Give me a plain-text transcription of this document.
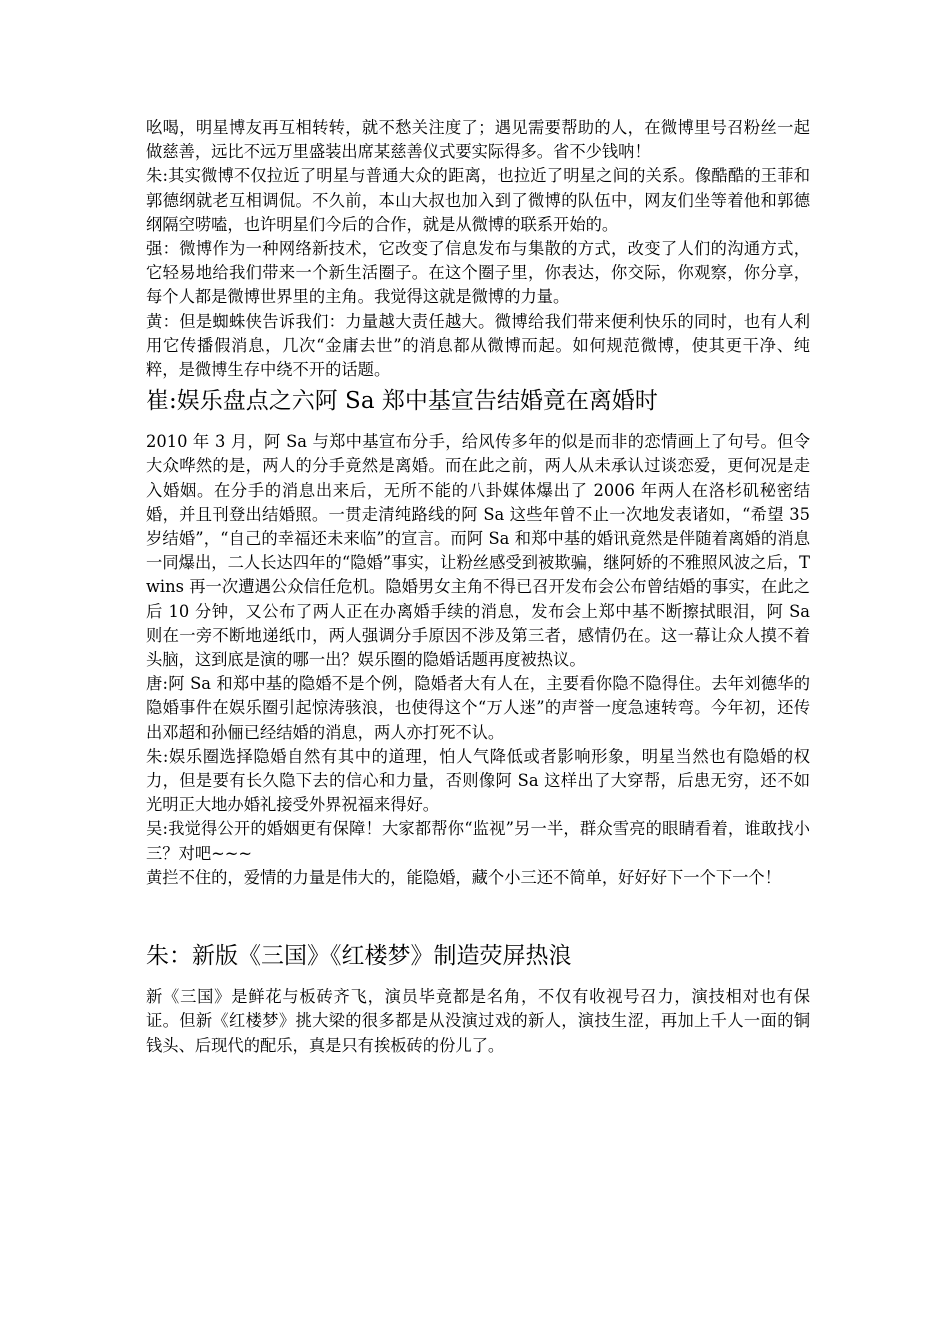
吆喝，明星博友再互相转转，就不愁关注度了；遇见需要帮助的人，在微博里号召粉丝一起做慈善，远比不远万里盛装出席某慈善仪式要实际得多。省不少钱呐！

朱:其实微博不仅拉近了明星与普通大众的距离，也拉近了明星之间的关系。像酷酷的王菲和郭德纲就老互相调侃。不久前，本山大叔也加入到了微博的队伍中，网友们坐等着他和郭德纲隔空唠嗑，也许明星们今后的合作，就是从微博的联系开始的。

强：微博作为一种网络新技术，它改变了信息发布与集散的方式，改变了人们的沟通方式，它轻易地给我们带来一个新生活圈子。在这个圈子里，你表达，你交际，你观察，你分享，每个人都是微博世界里的主角。我觉得这就是微博的力量。

黄：但是蜘蛛侠告诉我们：力量越大责任越大。微博给我们带来便利快乐的同时，也有人利用它传播假消息，几次“金庸去世”的消息都从微博而起。如何规范微博，使其更干净、纯粹，是微博生存中绕不开的话题。

崔:娱乐盘点之六阿 Sa 郑中基宣告结婚竟在离婚时

2010 年 3 月，阿 Sa 与郑中基宣布分手，给风传多年的似是而非的恋情画上了句号。但令大众哗然的是，两人的分手竟然是离婚。而在此之前，两人从未承认过谈恋爱，更何况是走入婚姻。在分手的消息出来后，无所不能的八卦媒体爆出了 2006 年两人在洛杉矶秘密结婚，并且刊登出结婚照。一贯走清纯路线的阿 Sa 这些年曾不止一次地发表诸如，“希望 35 岁结婚”，“自己的幸福还未来临”的宣言。而阿 Sa 和郑中基的婚讯竟然是伴随着离婚的消息一同爆出，二人长达四年的“隐婚”事实，让粉丝感受到被欺骗，继阿娇的不雅照风波之后，Twins 再一次遭遇公众信任危机。隐婚男女主角不得已召开发布会公布曾结婚的事实，在此之后 10 分钟，又公布了两人正在办离婚手续的消息，发布会上郑中基不断擦拭眼泪，阿 Sa 则在一旁不断地递纸巾，两人强调分手原因不涉及第三者，感情仍在。这一幕让众人摸不着头脑，这到底是演的哪一出？娱乐圈的隐婚话题再度被热议。

唐:阿 Sa 和郑中基的隐婚不是个例，隐婚者大有人在，主要看你隐不隐得住。去年刘德华的隐婚事件在娱乐圈引起惊涛骇浪，也使得这个“万人迷”的声誉一度急速转弯。今年初，还传出邓超和孙俪已经结婚的消息，两人亦打死不认。

朱:娱乐圈选择隐婚自然有其中的道理，怕人气降低或者影响形象，明星当然也有隐婚的权力，但是要有长久隐下去的信心和力量，否则像阿 Sa 这样出了大穿帮，后患无穷，还不如光明正大地办婚礼接受外界祝福来得好。

吴:我觉得公开的婚姻更有保障！大家都帮你“监视”另一半，群众雪亮的眼睛看着，谁敢找小三？对吧~~~

黄拦不住的，爱情的力量是伟大的，能隐婚，藏个小三还不简单，好好好下一个下一个！

朱：新版《三国》《红楼梦》制造荧屏热浪

新《三国》是鲜花与板砖齐飞，演员毕竟都是名角，不仅有收视号召力，演技相对也有保证。但新《红楼梦》挑大梁的很多都是从没演过戏的新人，演技生涩，再加上千人一面的铜钱头、后现代的配乐，真是只有挨板砖的份儿了。
